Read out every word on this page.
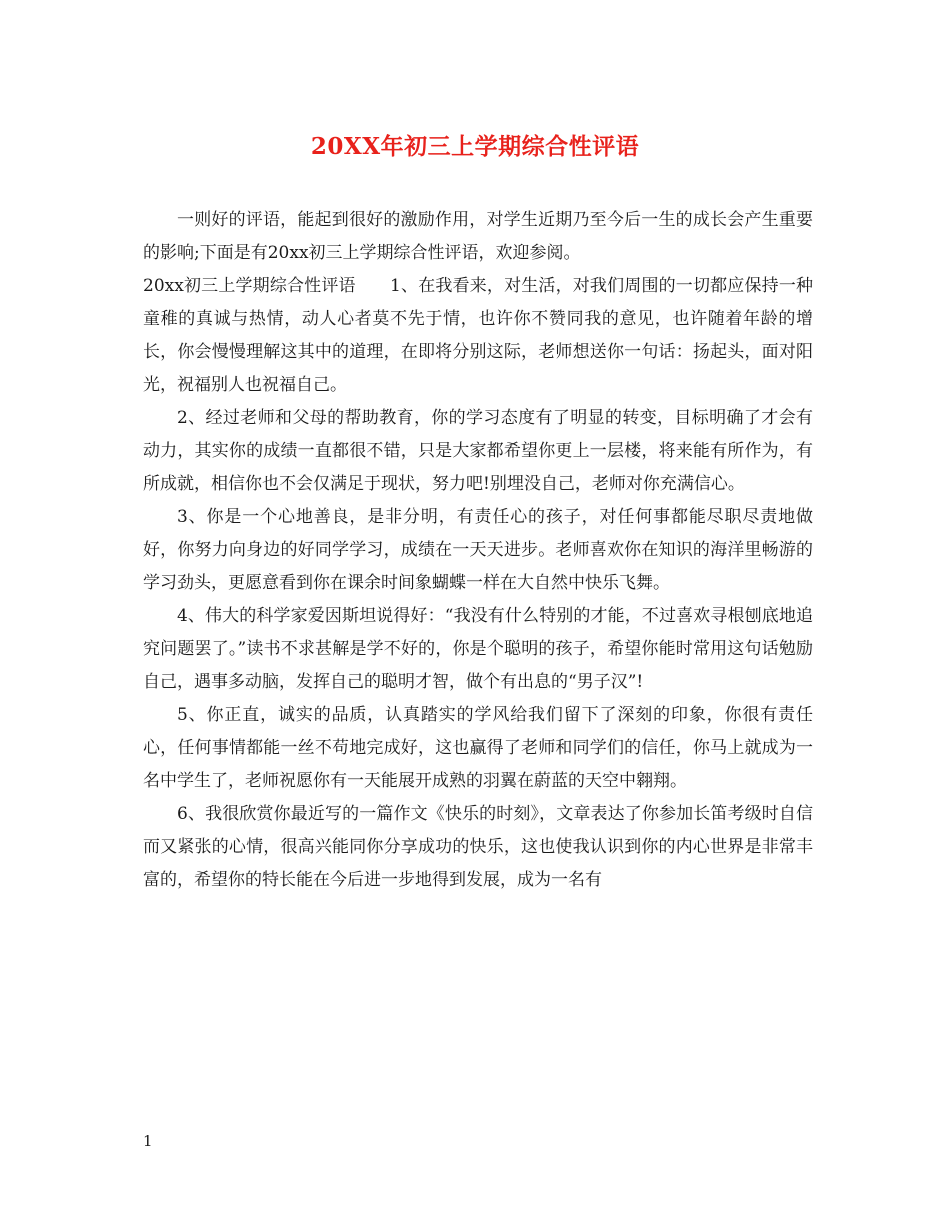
20XX年初三上学期综合性评语

一则好的评语，能起到很好的激励作用，对学生近期乃至今后一生的成长会产生重要的影响;下面是有20xx初三上学期综合性评语，欢迎参阅。

20xx初三上学期综合性评语　　1、在我看来，对生活，对我们周围的一切都应保持一种童稚的真诚与热情，动人心者莫不先于情，也许你不赞同我的意见，也许随着年龄的增长，你会慢慢理解这其中的道理，在即将分别这际，老师想送你一句话：扬起头，面对阳光，祝福别人也祝福自己。

2、经过老师和父母的帮助教育，你的学习态度有了明显的转变，目标明确了才会有动力，其实你的成绩一直都很不错，只是大家都希望你更上一层楼，将来能有所作为，有所成就，相信你也不会仅满足于现状，努力吧!别埋没自己，老师对你充满信心。

3、你是一个心地善良，是非分明，有责任心的孩子，对任何事都能尽职尽责地做好，你努力向身边的好同学学习，成绩在一天天进步。老师喜欢你在知识的海洋里畅游的学习劲头，更愿意看到你在课余时间象蝴蝶一样在大自然中快乐飞舞。

4、伟大的科学家爱因斯坦说得好：“我没有什么特别的才能，不过喜欢寻根刨底地追究问题罢了。”读书不求甚解是学不好的，你是个聪明的孩子，希望你能时常用这句话勉励自己，遇事多动脑，发挥自己的聪明才智，做个有出息的“男子汉”!

5、你正直，诚实的品质，认真踏实的学风给我们留下了深刻的印象，你很有责任心，任何事情都能一丝不苟地完成好，这也赢得了老师和同学们的信任，你马上就成为一名中学生了，老师祝愿你有一天能展开成熟的羽翼在蔚蓝的天空中翱翔。

6、我很欣赏你最近写的一篇作文《快乐的时刻》，文章表达了你参加长笛考级时自信而又紧张的心情，很高兴能同你分享成功的快乐，这也使我认识到你的内心世界是非常丰富的，希望你的特长能在今后进一步地得到发展，成为一名有

1
